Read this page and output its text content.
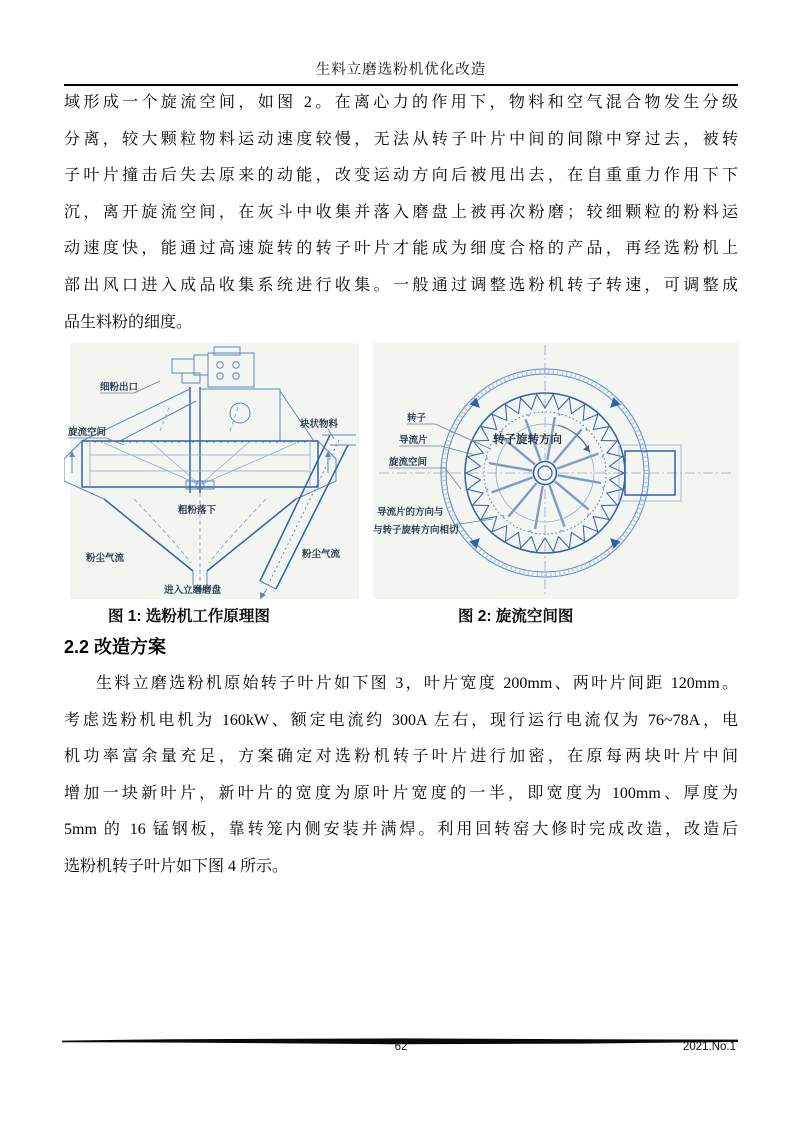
生料立磨选粉机优化改造
域形成一个旋流空间，如图 2。在离心力的作用下，物料和空气混合物发生分级
分离，较大颗粒物料运动速度较慢，无法从转子叶片中间的间隙中穿过去，被转
子叶片撞击后失去原来的动能，改变运动方向后被甩出去，在自重重力作用下下
沉，离开旋流空间，在灰斗中收集并落入磨盘上被再次粉磨；较细颗粒的粉料运
动速度快，能通过高速旋转的转子叶片才能成为细度合格的产品，再经选粉机上
部出风口进入成品收集系统进行收集。一般通过调整选粉机转子转速，可调整成
品生料粉的细度。
细粉出口
旋流空间
块状物料
粗粉落下
粉尘气流	粉尘气流
进入立磨磨盘
转子
导流片
旋流空间
转子旋转方向
导流片的方向与
与转子旋转方向相切
图 1: 选粉机工作原理图	图 2: 旋流空间图
2.2 改造方案
生料立磨选粉机原始转子叶片如下图 3，叶片宽度 200mm、两叶片间距 120mm。
考虑选粉机电机为 160kW、额定电流约 300A 左右，现行运行电流仅为 76~78A，电
机功率富余量充足，方案确定对选粉机转子叶片进行加密，在原每两块叶片中间
增加一块新叶片，新叶片的宽度为原叶片宽度的一半，即宽度为 100mm、厚度为
5mm 的 16 锰钢板，靠转笼内侧安装并满焊。利用回转窑大修时完成改造，改造后
选粉机转子叶片如下图 4 所示。
62	2021.No.1
